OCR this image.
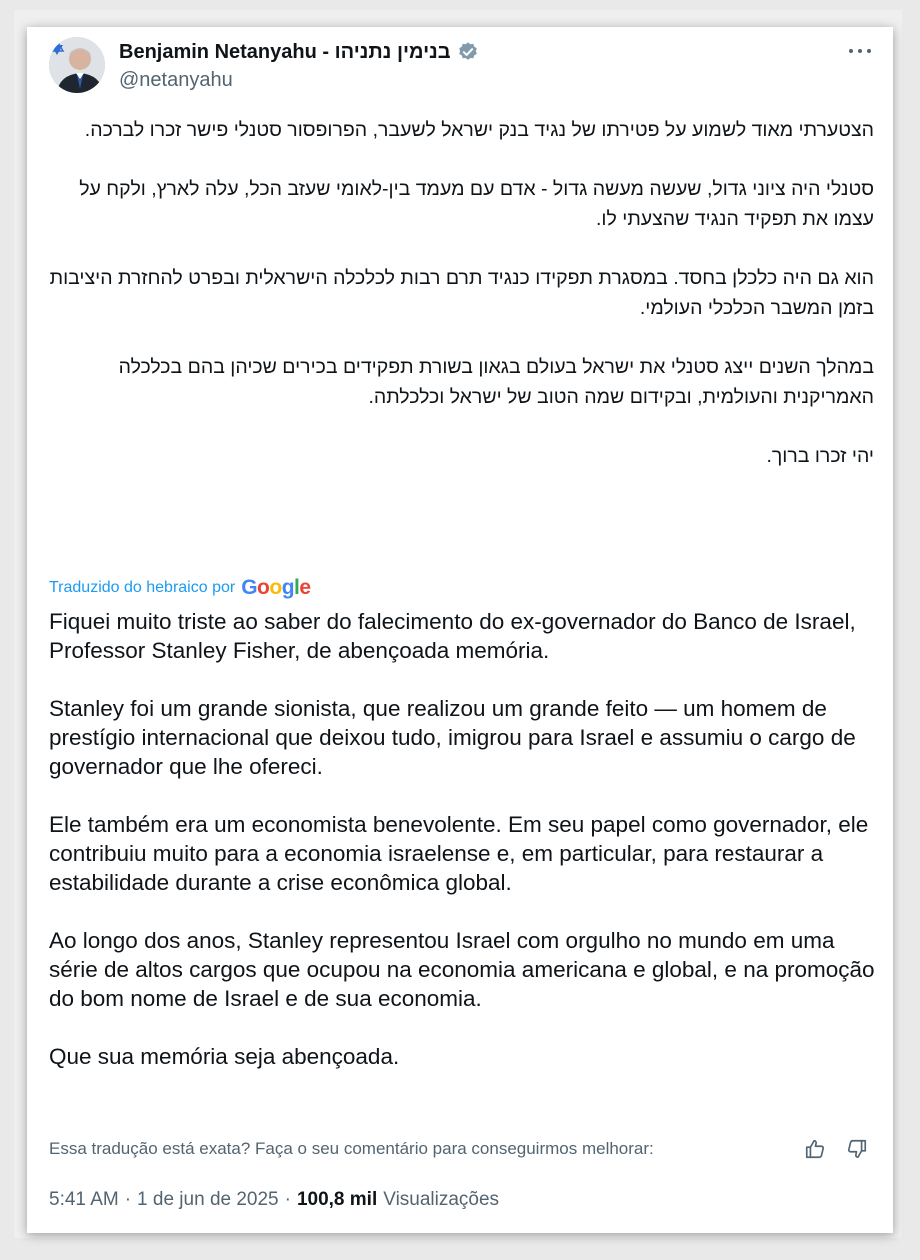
Benjamin Netanyahu - בנימין נתניהו
@netanyahu

הצטערתי מאוד לשמוע על פטירתו של נגיד בנק ישראל לשעבר, הפרופסור סטנלי פישר זכרו לברכה.

סטנלי היה ציוני גדול, שעשה מעשה גדול - אדם עם מעמד בין-לאומי שעזב הכל, עלה לארץ, ולקח על עצמו את תפקיד הנגיד שהצעתי לו.

הוא גם היה כלכלן בחסד. במסגרת תפקידו כנגיד תרם רבות לכלכלה הישראלית ובפרט להחזרת היציבות בזמן המשבר הכלכלי העולמי.

במהלך השנים ייצג סטנלי את ישראל בעולם בגאון בשורת תפקידים בכירים שכיהן בהם בכלכלה האמריקנית והעולמית, ובקידום שמה הטוב של ישראל וכלכלתה.

יהי זכרו ברוך.

Traduzido do hebraico por Google

Fiquei muito triste ao saber do falecimento do ex-governador do Banco de Israel, Professor Stanley Fisher, de abençoada memória.

Stanley foi um grande sionista, que realizou um grande feito — um homem de prestígio internacional que deixou tudo, imigrou para Israel e assumiu o cargo de governador que lhe ofereci.

Ele também era um economista benevolente. Em seu papel como governador, ele contribuiu muito para a economia israelense e, em particular, para restaurar a estabilidade durante a crise econômica global.

Ao longo dos anos, Stanley representou Israel com orgulho no mundo em uma série de altos cargos que ocupou na economia americana e global, e na promoção do bom nome de Israel e de sua economia.

Que sua memória seja abençoada.

Essa tradução está exata? Faça o seu comentário para conseguirmos melhorar:
5:41 AM · 1 de jun de 2025 · 100,8 mil Visualizações
